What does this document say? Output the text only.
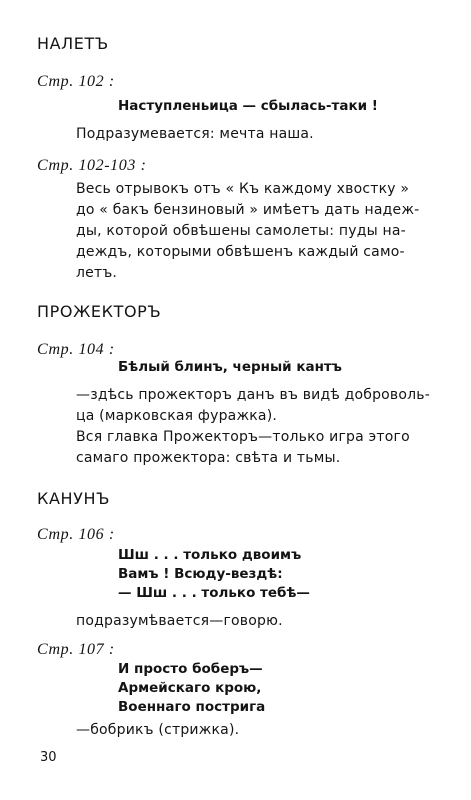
НАЛЕТЪ
Стр. 102 :
Наступленьица — сбылась-таки !
Подразумевается: мечта наша.
Стр. 102-103 :
Весь отрывокъ отъ « Къ каждому хвостку »
до « бакъ бензиновый » имѣетъ дать надеж-
ды, которой обвѣшены самолеты: пуды на-
деждъ, которыми обвѣшенъ каждый само-
летъ.
ПРОЖЕКТОРЪ
Стр. 104 :
Бѣлый блинъ, черный кантъ
—здѣсь прожекторъ данъ въ видѣ доброволь-
ца (марковская фуражка).
Вся главка Прожекторъ—только игра этого
самаго прожектора: свѣта и тьмы.
КАНУНЪ
Стр. 106 :
Шш . . . только двоимъ
Вамъ ! Всюду-вездѣ:
— Шш . . . только тебѣ—
подразумѣвается—говорю.
Стр. 107 :
И просто боберъ—
Армейскагo крою,
Военнаго пострига
—бобрикъ (стрижка).
30
